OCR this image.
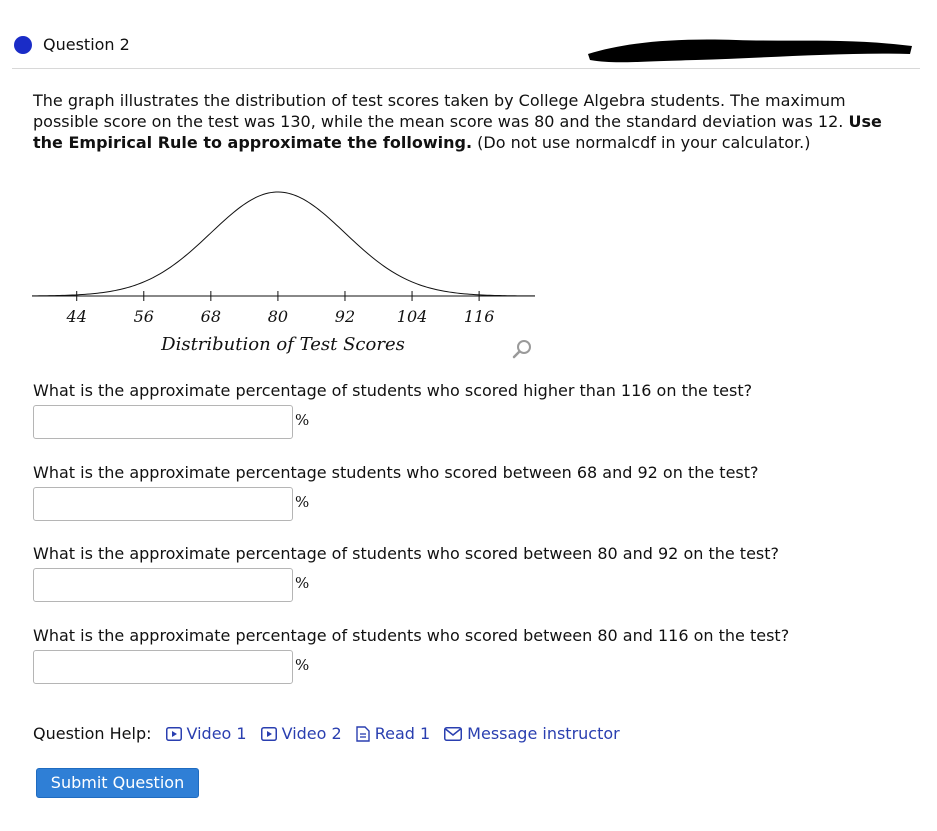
Question 2
The graph illustrates the distribution of test scores taken by College Algebra students. The maximum possible score on the test was 130, while the mean score was 80 and the standard deviation was 12. Use the Empirical Rule to approximate the following. (Do not use normalcdf in your calculator.)
44	56	68	80	92	104 116
Distribution of Test Scores
What is the approximate percentage of students who scored higher than 116 on the test?
%
What is the approximate percentage students who scored between 68 and 92 on the test?
%
What is the approximate percentage of students who scored between 80 and 92 on the test?
%
What is the approximate percentage of students who scored between 80 and 116 on the test?
%
Question Help: Video 1 Video 2 Read 1 Message instructor
Submit Question
